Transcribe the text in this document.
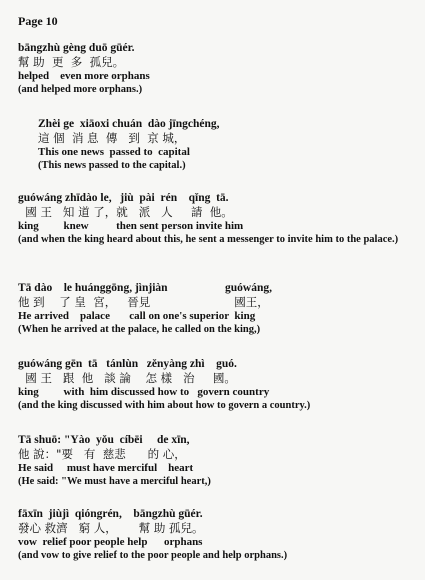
Page 10
bāngzhù gèng duō gūér.
幫 助  更  多  孤兒。
helped    even more orphans
(and helped more orphans.)
Zhèi ge  xiāoxi chuán  dào jīngchéng,
這 個  消 息  傳   到  京 城，
This one news  passed to  capital
(This news passed to the capital.)
guówáng zhīdào le,   jiù  pài  rén    qǐng  tā.
國 王   知 道 了，就   派   人     請  他。
king         knew          then sent person invite him
(and when the king heard about this, he sent a messenger to invite him to the palace.)
Tā dào    le huánggōng, jìnjiàn                    guówáng,
他 到    了 皇  宮，   晉見                       國王，
He arrived    palace       call on one's superior  king
(When he arrived at the palace, he called on the king,)
guówáng gēn  tā   tánlùn   zěnyàng zhì    guó.
國 王   跟  他   談 論    怎 樣   治     國。
king         with  him discussed how to   govern country
(and the king discussed with him about how to govern a country.)
Tā shuō: "Yào  yǒu  cíbēi     de xīn,
他 說："要   有  慈悲      的 心，
He said     must have merciful    heart
(He said: "We must have a merciful heart,)
fāxīn  jiùjì  qióngrén,    bāngzhù gūér.
發心 救濟   窮 人，      幫 助 孤兒。
vow  relief poor people help      orphans
(and vow to give relief to the poor people and help orphans.)
